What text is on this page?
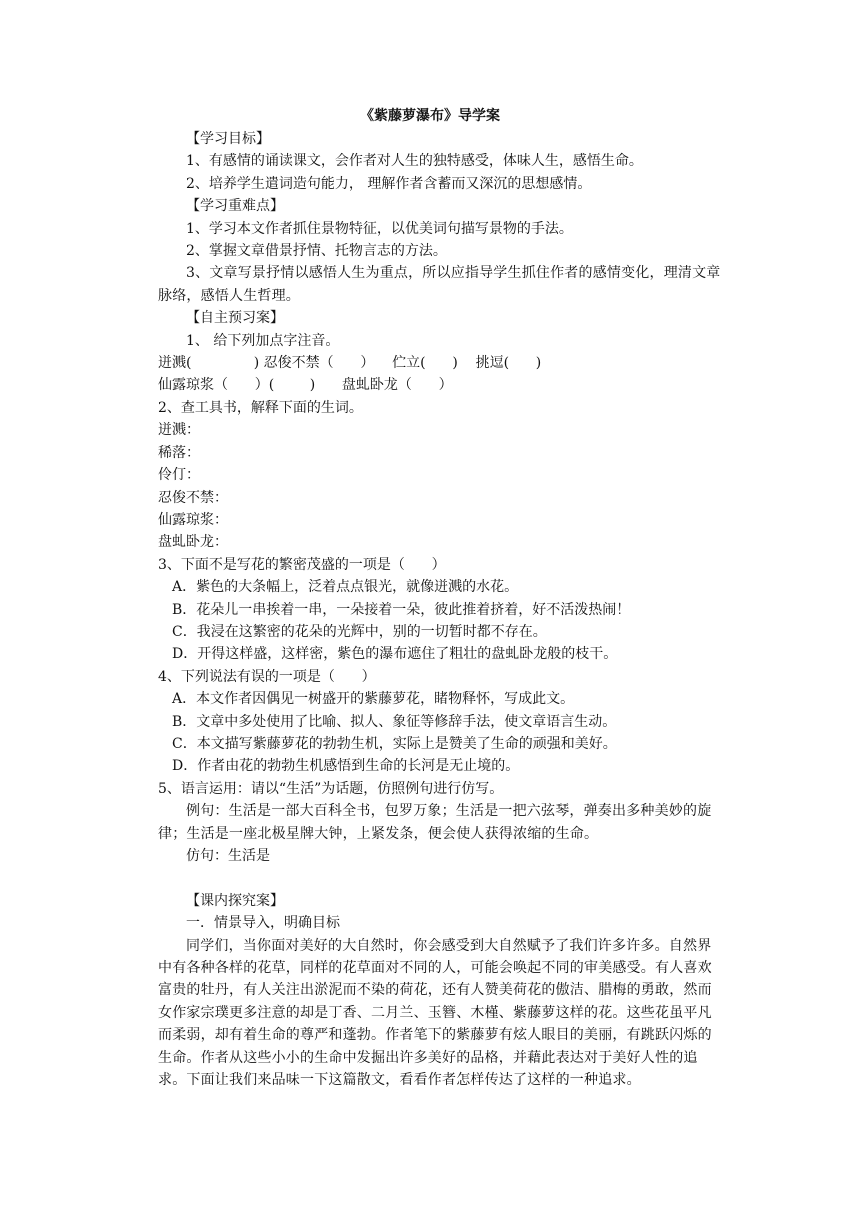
《紫藤萝瀑布》导学案
【学习目标】
1、有感情的诵读课文，会作者对人生的独特感受，体味人生，感悟生命。
2、培养学生遣词造句能力， 理解作者含蓄而又深沉的思想感情。
【学习重难点】
1、学习本文作者抓住景物特征，以优美词句描写景物的手法。
2、掌握文章借景抒情、托物言志的方法。
3、文章写景抒情以感悟人生为重点，所以应指导学生抓住作者的感情变化，理清文章脉络，感悟人生哲理。
【自主预习案】
1、 给下列加点字注音。
迸溅(              ) 忍俊不禁（      ）    伫立(      )    挑逗(      )
仙露琼浆（      ）(        )      盘虬卧龙（      ）
2、查工具书，解释下面的生词。
迸溅：
稀落：
伶仃：
忍俊不禁：
仙露琼浆：
盘虬卧龙：
3、下面不是写花的繁密茂盛的一项是（      ）
A．紫色的大条幅上，泛着点点银光，就像迸溅的水花。
B．花朵儿一串挨着一串，一朵接着一朵，彼此推着挤着，好不活泼热闹！
C．我浸在这繁密的花朵的光辉中，别的一切暂时都不存在。
D．开得这样盛，这样密，紫色的瀑布遮住了粗壮的盘虬卧龙般的枝干。
4、下列说法有误的一项是（      ）
A．本文作者因偶见一树盛开的紫藤萝花，睹物释怀，写成此文。
B．文章中多处使用了比喻、拟人、象征等修辞手法，使文章语言生动。
C．本文描写紫藤萝花的勃勃生机，实际上是赞美了生命的顽强和美好。
D．作者由花的勃勃生机感悟到生命的长河是无止境的。
5、语言运用：请以“生活”为话题，仿照例句进行仿写。
例句：生活是一部大百科全书，包罗万象；生活是一把六弦琴，弹奏出多种美妙的旋律；生活是一座北极星牌大钟，上紧发条，便会使人获得浓缩的生命。
仿句：生活是
【课内探究案】
一．情景导入，明确目标
同学们，当你面对美好的大自然时，你会感受到大自然赋予了我们许多许多。自然界中有各种各样的花草，同样的花草面对不同的人，可能会唤起不同的审美感受。有人喜欢富贵的牡丹，有人关注出淤泥而不染的荷花，还有人赞美荷花的傲洁、腊梅的勇敢，然而女作家宗璞更多注意的却是丁香、二月兰、玉簪、木槿、紫藤萝这样的花。这些花虽平凡而柔弱，却有着生命的尊严和蓬勃。作者笔下的紫藤萝有炫人眼目的美丽，有跳跃闪烁的生命。作者从这些小小的生命中发掘出许多美好的品格，并藉此表达对于美好人性的追求。下面让我们来品味一下这篇散文，看看作者怎样传达了这样的一种追求。
